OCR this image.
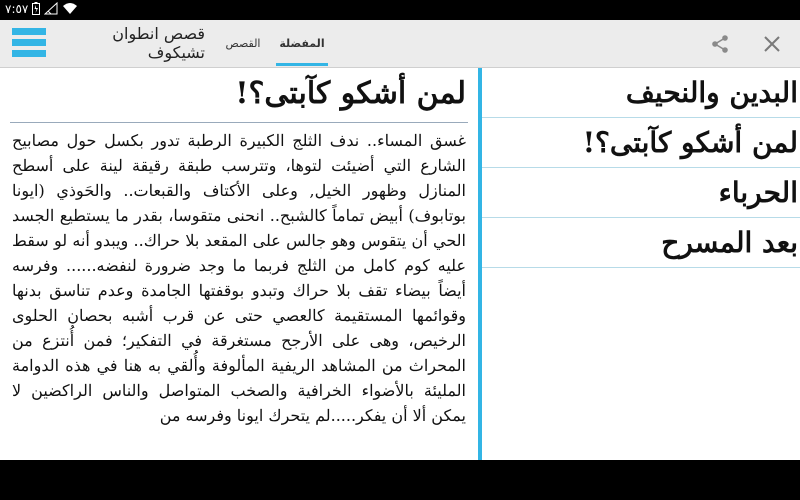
٧:٥٧
قصص انطوان تشيكوف	القصص	المفضلة
لمن أشكو كآبتى؟!
غسق المساء.. ندف الثلج الكبيرة الرطبة تدور بكسل حول مصابيح الشارع التي أضيئت لتوها، وتترسب طبقة رقيقة لينة على أسطح المنازل وظهور الخيل, وعلى الأكتاف والقبعات.. والحَوذي (ايونا بوتابوف) أبيض تماماً كالشبح.. انحنى متقوسا، بقدر ما يستطيع الجسد الحي أن يتقوس وهو جالس على المقعد بلا حراك.. ويبدو أنه لو سقط عليه كوم كامل من الثلج فربما ما وجد ضرورة لنفضه...... وفرسه أيضاً بيضاء تقف بلا حراك وتبدو بوقفتها الجامدة وعدم تناسق بدنها وقوائمها المستقيمة كالعصي حتى عن قرب أشبه بحصان الحلوى الرخيص، وهى على الأرجح مستغرقة في التفكير؛ فمن أُنتزع من المحراث من المشاهد الريفية المألوفة وأُلقي به هنا في هذه الدوامة المليئة بالأضواء الخرافية والصخب المتواصل والناس الراكضين لا يمكن ألا أن يفكر.....لم يتحرك ايونا وفرسه من
البدين والنحيف
لمن أشكو كآبتى؟!
الحرباء
بعد المسرح
